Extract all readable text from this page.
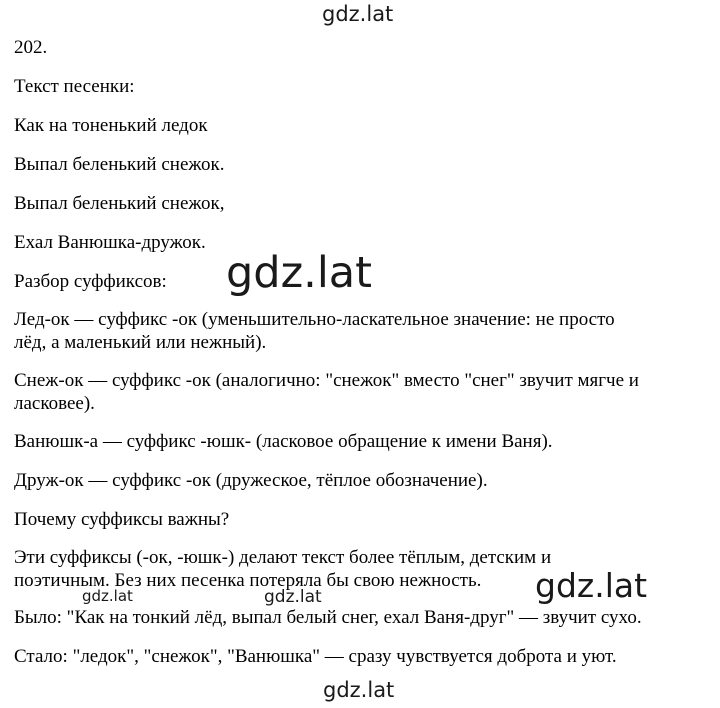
202.

Текст песенки:

Как на тоненький ледок

Выпал беленький снежок.

Выпал беленький снежок,

Ехал Ванюшка-дружок.

Разбор суффиксов:

Лед-ок — суффикс -ок (уменьшительно-ласкательное значение: не просто

лёд, а маленький или нежный).

Снеж-ок — суффикс -ок (аналогично: "снежок" вместо "снег" звучит мягче и

ласковее).

Ванюшк-а — суффикс -юшк- (ласковое обращение к имени Ваня).

Друж-ок — суффикс -ок (дружеское, тёплое обозначение).

Почему суффиксы важны?

Эти суффиксы (-ок, -юшк-) делают текст более тёплым, детским и

поэтичным. Без них песенка потеряла бы свою нежность.

Было: "Как на тонкий лёд, выпал белый снег, ехал Ваня-друг" — звучит сухо.

Стало: "ледок", "снежок", "Ванюшка" — сразу чувствуется доброта и уют.

gdz.lat
gdz.lat
gdz.lat
gdz.lat	gdz.lat
gdz.lat
